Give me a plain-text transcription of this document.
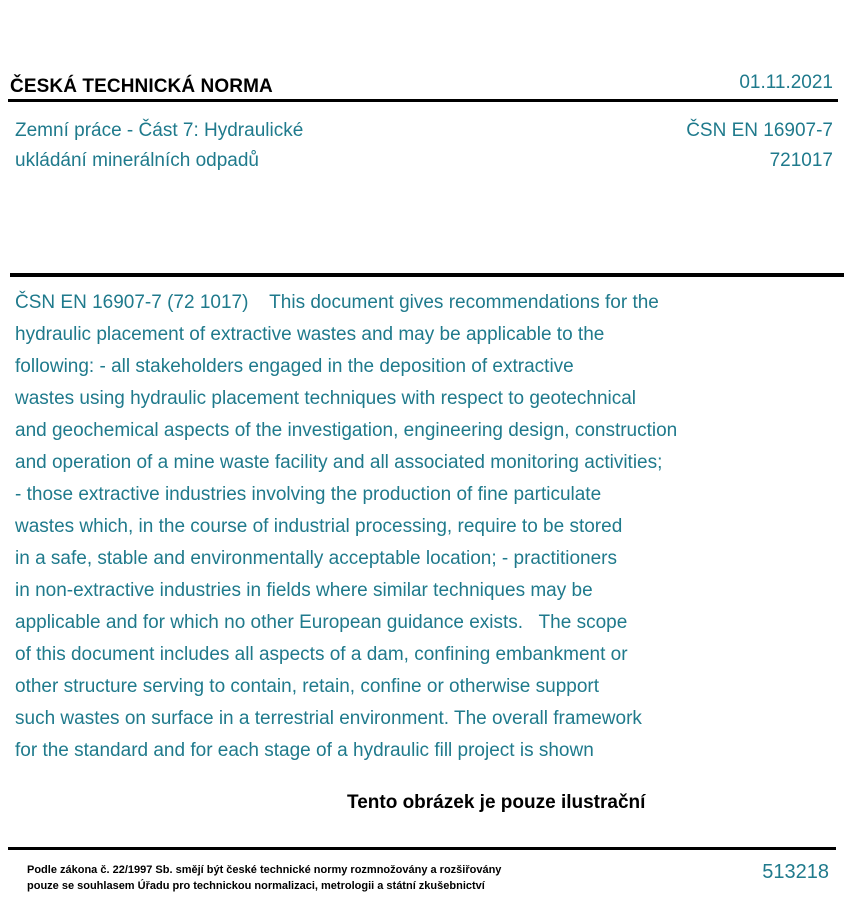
ČESKÁ TECHNICKÁ NORMA	01.11.2021
Zemní práce - Část 7: Hydraulické
ukládání minerálních odpadů
ČSN EN 16907-7
721017
ČSN EN 16907-7 (72 1017)    This document gives recommendations for the
hydraulic placement of extractive wastes and may be applicable to the
following: - all stakeholders engaged in the deposition of extractive
wastes using hydraulic placement techniques with respect to geotechnical
and geochemical aspects of the investigation, engineering design, construction
and operation of a mine waste facility and all associated monitoring activities;
- those extractive industries involving the production of fine particulate
wastes which, in the course of industrial processing, require to be stored
in a safe, stable and environmentally acceptable location; - practitioners
in non-extractive industries in fields where similar techniques may be
applicable and for which no other European guidance exists.   The scope
of this document includes all aspects of a dam, confining embankment or
other structure serving to contain, retain, confine or otherwise support
such wastes on surface in a terrestrial environment. The overall framework
for the standard and for each stage of a hydraulic fill project is shown
Tento obrázek je pouze ilustrační
Podle zákona č. 22/1997 Sb. smějí být české technické normy rozmnožovány a rozšiřovány
pouze se souhlasem Úřadu pro technickou normalizaci, metrologii a státní zkušebnictví
513218
